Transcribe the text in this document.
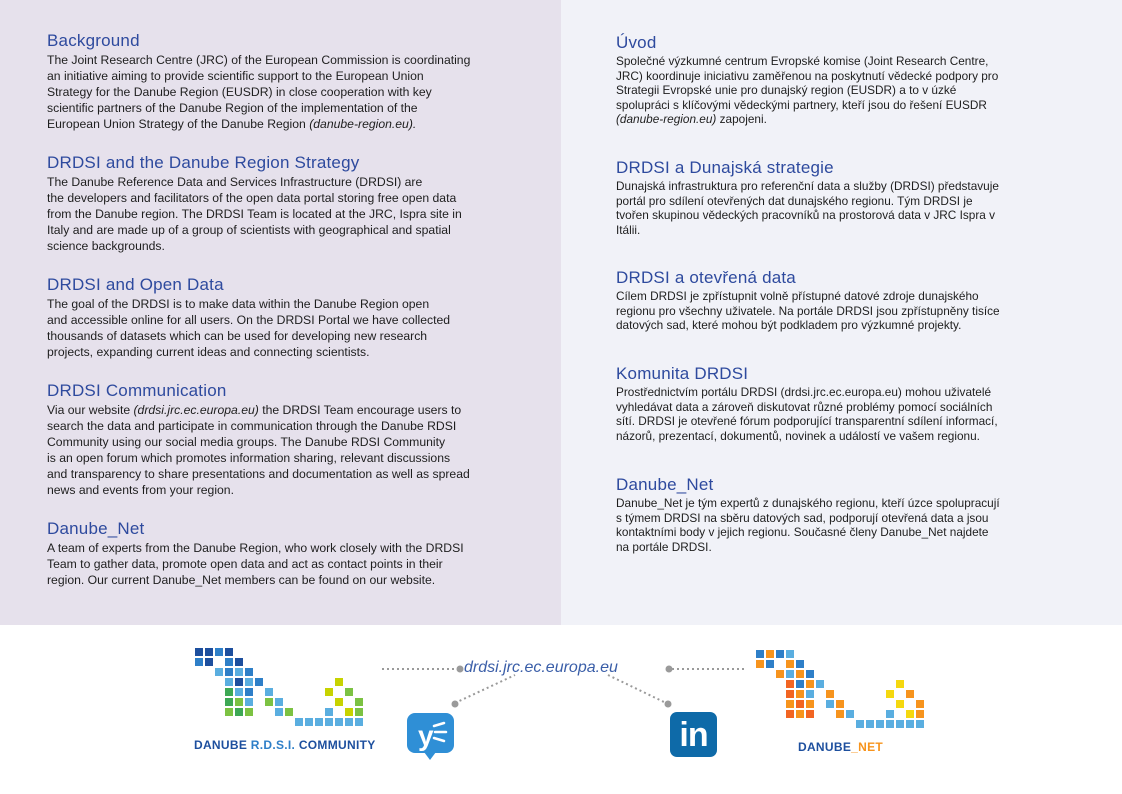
Background

The Joint Research Centre (JRC) of the European Commission is coordinating
an initiative aiming to provide scientific support to the European Union
Strategy for the Danube Region (EUSDR) in close cooperation with key
scientific partners of the Danube Region of the implementation of the
European Union Strategy of the Danube Region (danube-region.eu).

DRDSI and the Danube Region Strategy

The Danube Reference Data and Services Infrastructure (DRDSI) are
the developers and facilitators of the open data portal storing free open data
from the Danube region. The DRDSI Team is located at the JRC, Ispra site in
Italy and are made up of a group of scientists with geographical and spatial
science backgrounds.

DRDSI and Open Data

The goal of the DRDSI is to make data within the Danube Region open
and accessible online for all users. On the DRDSI Portal we have collected
thousands of datasets which can be used for developing new research
projects, expanding current ideas and connecting scientists.

DRDSI Communication

Via our website (drdsi.jrc.ec.europa.eu) the DRDSI Team encourage users to
search the data and participate in communication through the Danube RDSI
Community using our social media groups. The Danube RDSI Community
is an open forum which promotes information sharing, relevant discussions
and transparency to share presentations and documentation as well as spread
news and events from your region.

Danube_Net

A team of experts from the Danube Region, who work closely with the DRDSI
Team to gather data, promote open data and act as contact points in their
region. Our current Danube_Net members can be found on our website.

Úvod

Společné výzkumné centrum Evropské komise (Joint Research Centre,
JRC) koordinuje iniciativu zaměřenou na poskytnutí vědecké podpory pro
Strategii Evropské unie pro dunajský region (EUSDR) a to v úzké
spolupráci s klíčovými vědeckými partnery, kteří jsou do řešení EUSDR
(danube-region.eu) zapojeni.

DRDSI a Dunajská strategie

Dunajská infrastruktura pro referenční data a služby (DRDSI) představuje
portál pro sdílení otevřených dat dunajského regionu. Tým DRDSI je
tvořen skupinou vědeckých pracovníků na prostorová data v JRC Ispra v
Itálii.

DRDSI a otevřená data

Cílem DRDSI je zpřístupnit volně přístupné datové zdroje dunajského
regionu pro všechny uživatele. Na portále DRDSI jsou zpřístupněny tisíce
datových sad, které mohou být podkladem pro výzkumné projekty.

Komunita DRDSI

Prostřednictvím portálu DRDSI (drdsi.jrc.ec.europa.eu) mohou uživatelé
vyhledávat data a zároveň diskutovat různé problémy pomocí sociálních
sítí. DRDSI je otevřené fórum podporující transparentní sdílení informací,
názorů, prezentací, dokumentů, novinek a událostí ve vašem regionu.

Danube_Net

Danube_Net je tým expertů z dunajského regionu, kteří úzce spolupracují
s týmem DRDSI na sběru datových sad, podporují otevřená data a jsou
kontaktními body v jejich regionu. Současné členy Danube_Net najdete
na portále DRDSI.

drdsi.jrc.ec.europa.eu
DANUBE R.D.S.I. COMMUNITY y	in	DANUBE_NET
